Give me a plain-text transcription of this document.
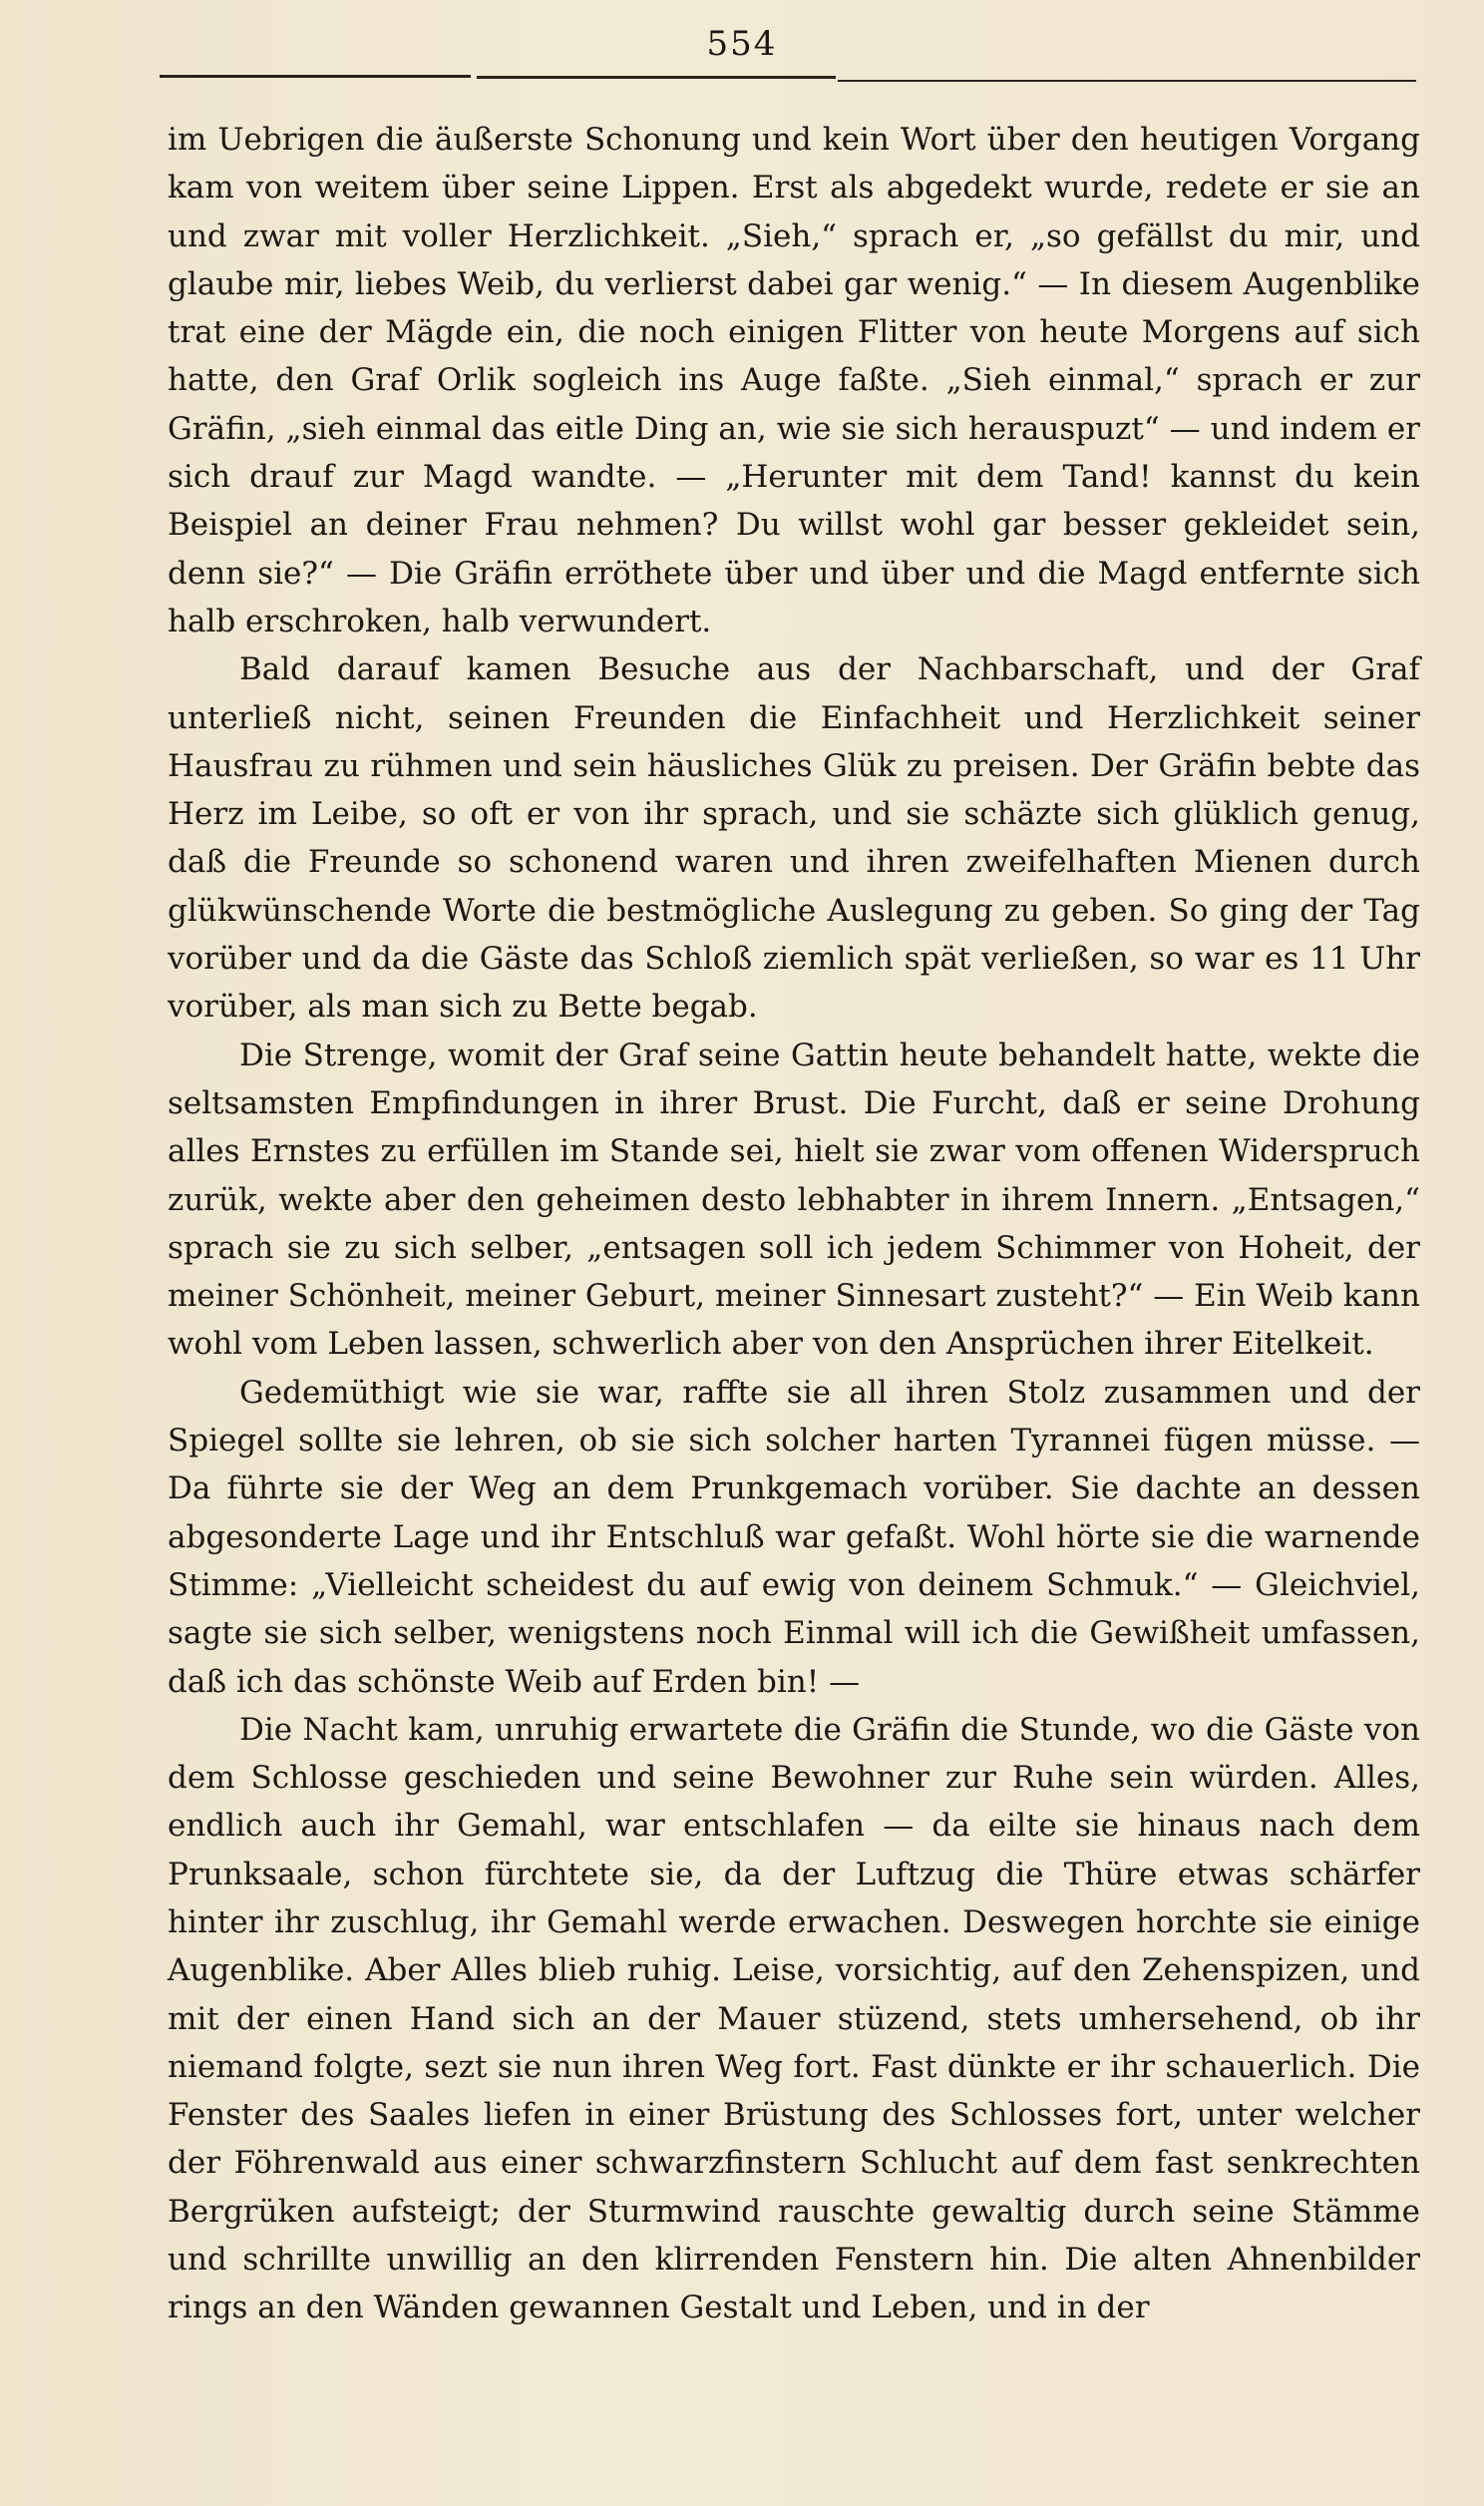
554

im Uebrigen die äußerste Schonung und kein Wort über den heutigen Vorgang kam von weitem über seine Lippen. Erst als abgedekt wurde, redete er sie an und zwar mit voller Herzlichkeit. „Sieh,“ sprach er, „so gefällst du mir, und glaube mir, liebes Weib, du verlierst dabei gar wenig.“ — In diesem Augenblike trat eine der Mägde ein, die noch einigen Flitter von heute Morgens auf sich hatte, den Graf Orlik sogleich ins Auge faßte. „Sieh einmal,“ sprach er zur Gräfin, „sieh einmal das eitle Ding an, wie sie sich herauspuzt“ — und indem er sich drauf zur Magd wandte. — „Herunter mit dem Tand! kannst du kein Beispiel an deiner Frau nehmen? Du willst wohl gar besser gekleidet sein, denn sie?“ — Die Gräfin erröthete über und über und die Magd entfernte sich halb erschroken, halb verwundert.

Bald darauf kamen Besuche aus der Nachbarschaft, und der Graf unterließ nicht, seinen Freunden die Einfachheit und Herzlichkeit seiner Hausfrau zu rühmen und sein häusliches Glük zu preisen. Der Gräfin bebte das Herz im Leibe, so oft er von ihr sprach, und sie schäzte sich glüklich genug, daß die Freunde so schonend waren und ihren zweifelhaften Mienen durch glükwünschende Worte die bestmögliche Auslegung zu geben. So ging der Tag vorüber und da die Gäste das Schloß ziemlich spät verließen, so war es 11 Uhr vorüber, als man sich zu Bette begab.

Die Strenge, womit der Graf seine Gattin heute behandelt hatte, wekte die seltsamsten Empfindungen in ihrer Brust. Die Furcht, daß er seine Drohung alles Ernstes zu erfüllen im Stande sei, hielt sie zwar vom offenen Widerspruch zurük, wekte aber den geheimen desto lebhabter in ihrem Innern. „Entsagen,“ sprach sie zu sich selber, „entsagen soll ich jedem Schimmer von Hoheit, der meiner Schönheit, meiner Geburt, meiner Sinnesart zusteht?“ — Ein Weib kann wohl vom Leben lassen, schwerlich aber von den Ansprüchen ihrer Eitelkeit.

Gedemüthigt wie sie war, raffte sie all ihren Stolz zusammen und der Spiegel sollte sie lehren, ob sie sich solcher harten Tyrannei fügen müsse. — Da führte sie der Weg an dem Prunkgemach vorüber. Sie dachte an dessen abgesonderte Lage und ihr Entschluß war gefaßt. Wohl hörte sie die warnende Stimme: „Vielleicht scheidest du auf ewig von deinem Schmuk.“ — Gleichviel, sagte sie sich selber, wenigstens noch Einmal will ich die Gewißheit umfassen, daß ich das schönste Weib auf Erden bin! —

Die Nacht kam, unruhig erwartete die Gräfin die Stunde, wo die Gäste von dem Schlosse geschieden und seine Bewohner zur Ruhe sein würden. Alles, endlich auch ihr Gemahl, war entschlafen — da eilte sie hinaus nach dem Prunksaale, schon fürchtete sie, da der Luftzug die Thüre etwas schärfer hinter ihr zuschlug, ihr Gemahl werde erwachen. Deswegen horchte sie einige Augenblike. Aber Alles blieb ruhig. Leise, vorsichtig, auf den Zehenspizen, und mit der einen Hand sich an der Mauer stüzend, stets umhersehend, ob ihr niemand folgte, sezt sie nun ihren Weg fort. Fast dünkte er ihr schauerlich. Die Fenster des Saales liefen in einer Brüstung des Schlosses fort, unter welcher der Föhrenwald aus einer schwarzfinstern Schlucht auf dem fast senkrechten Bergrüken aufsteigt; der Sturmwind rauschte gewaltig durch seine Stämme und schrillte unwillig an den klirrenden Fenstern hin. Die alten Ahnenbilder rings an den Wänden gewannen Gestalt und Leben, und in der
